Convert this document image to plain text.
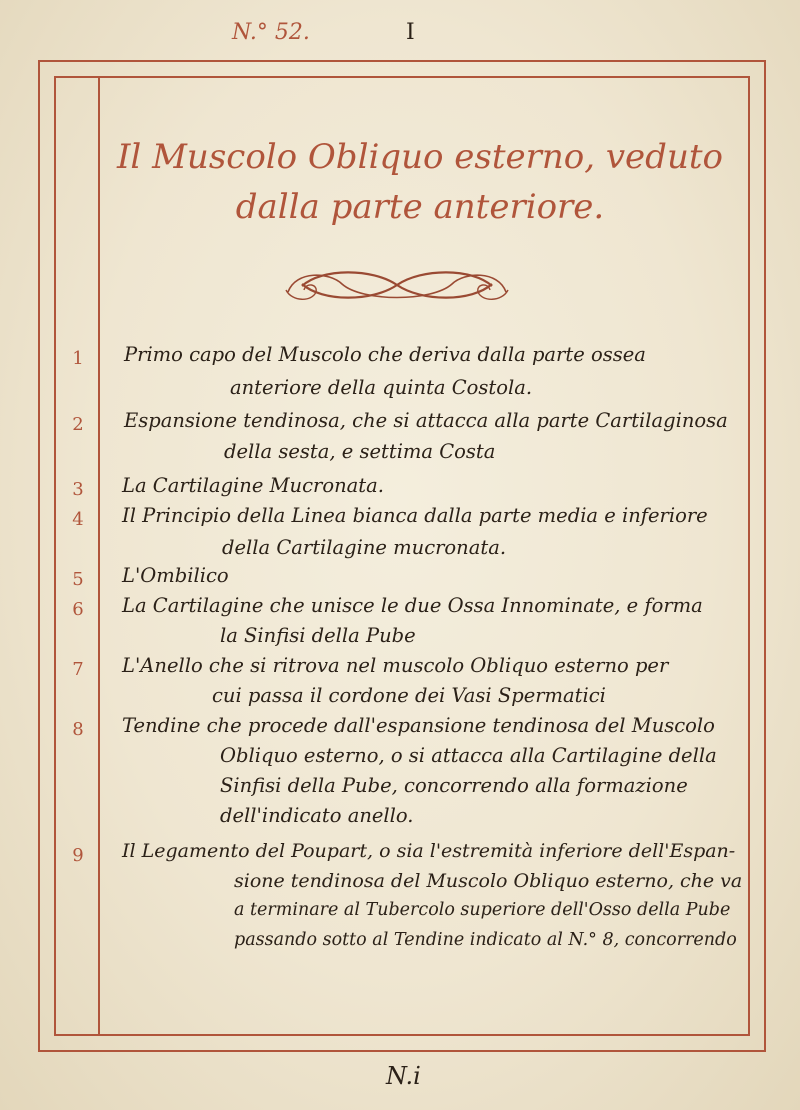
N.° 52.	I
Il Muscolo Obliquo esterno, veduto
dalla parte anteriore.
1	Primo capo del Muscolo che deriva dalla parte ossea
anteriore della quinta Costola.
2	Espansione tendinosa, che si attacca alla parte Cartilaginosa
della sesta, e settima Costa
3	La Cartilagine Mucronata.
4	Il Principio della Linea bianca dalla parte media e inferiore
della Cartilagine mucronata.
5	L'Ombilico
6	La Cartilagine che unisce le due Ossa Innominate, e forma
la Sinfisi della Pube
7	L'Anello che si ritrova nel muscolo Obliquo esterno per
cui passa il cordone dei Vasi Spermatici
8	Tendine che procede dall'espansione tendinosa del Muscolo
Obliquo esterno, o si attacca alla Cartilagine della
Sinfisi della Pube, concorrendo alla formazione
dell'indicato anello.
9	Il Legamento del Poupart, o sia l'estremità inferiore dell'Espan-
sione tendinosa del Muscolo Obliquo esterno, che va
a terminare al Tubercolo superiore dell'Osso della Pube
passando sotto al Tendine indicato al N.° 8, concorrendo
N.i
